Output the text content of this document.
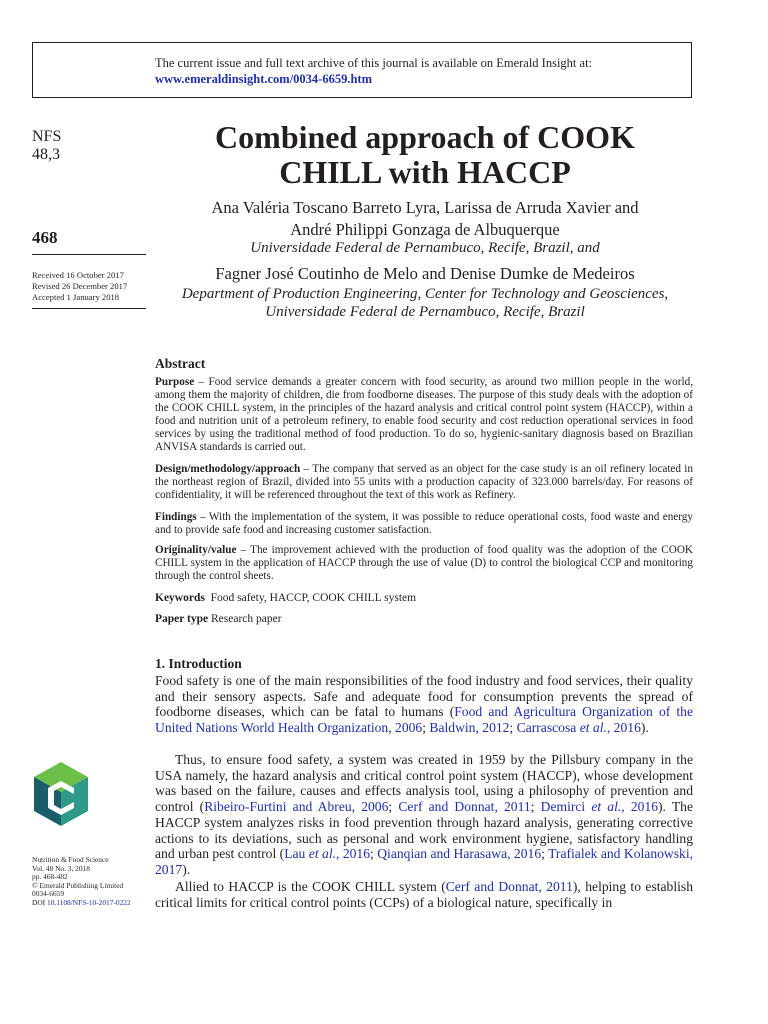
The current issue and full text archive of this journal is available on Emerald Insight at:
www.emeraldinsight.com/0034-6659.htm
NFS
48,3
468
Received 16 October 2017
Revised 26 December 2017
Accepted 1 January 2018
Combined approach of COOK
CHILL with HACCP
Ana Valéria Toscano Barreto Lyra, Larissa de Arruda Xavier and
André Philippi Gonzaga de Albuquerque
Universidade Federal de Pernambuco, Recife, Brazil, and
Fagner José Coutinho de Melo and Denise Dumke de Medeiros
Department of Production Engineering, Center for Technology and Geosciences,
Universidade Federal de Pernambuco, Recife, Brazil
Abstract

Purpose – Food service demands a greater concern with food security, as around two million people in the world, among them the majority of children, die from foodborne diseases. The purpose of this study deals with the adoption of the COOK CHILL system, in the principles of the hazard analysis and critical control point system (HACCP), within a food and nutrition unit of a petroleum refinery, to enable food security and cost reduction operational services in food services by using the traditional method of food production. To do so, hygienic-sanitary diagnosis based on Brazilian ANVISA standards is carried out.

Design/methodology/approach – The company that served as an object for the case study is an oil refinery located in the northeast region of Brazil, divided into 55 units with a production capacity of 323.000 barrels/day. For reasons of confidentiality, it will be referenced throughout the text of this work as Refinery.

Findings – With the implementation of the system, it was possible to reduce operational costs, food waste and energy and to provide safe food and increasing customer satisfaction.

Originality/value – The improvement achieved with the production of food quality was the adoption of the COOK CHILL system in the application of HACCP through the use of value (D) to control the biological CCP and monitoring through the control sheets.

Keywords Food safety, HACCP, COOK CHILL system
Paper type Research paper
1. Introduction

Food safety is one of the main responsibilities of the food industry and food services, their quality and their sensory aspects. Safe and adequate food for consumption prevents the spread of foodborne diseases, which can be fatal to humans (Food and Agricultura Organization of the United Nations World Health Organization, 2006; Baldwin, 2012; Carrascosa et al., 2016).

Thus, to ensure food safety, a system was created in 1959 by the Pillsbury company in the USA namely, the hazard analysis and critical control point system (HACCP), whose development was based on the failure, causes and effects analysis tool, using a philosophy of prevention and control (Ribeiro-Furtini and Abreu, 2006; Cerf and Donnat, 2011; Demirci et al., 2016). The HACCP system analyzes risks in food prevention through hazard analysis, generating corrective actions to its deviations, such as personal and work environment hygiene, satisfactory handling and urban pest control (Lau et al., 2016; Qianqian and Harasawa, 2016; Trafialek and Kolanowski, 2017).

Allied to HACCP is the COOK CHILL system (Cerf and Donnat, 2011), helping to establish critical limits for critical control points (CCPs) of a biological nature, specifically in

Nutrition & Food Science
Vol. 48 No. 3, 2018
pp. 468-482
© Emerald Publishing Limited
0034-6659
DOI 10.1108/NFS-10-2017-0222
